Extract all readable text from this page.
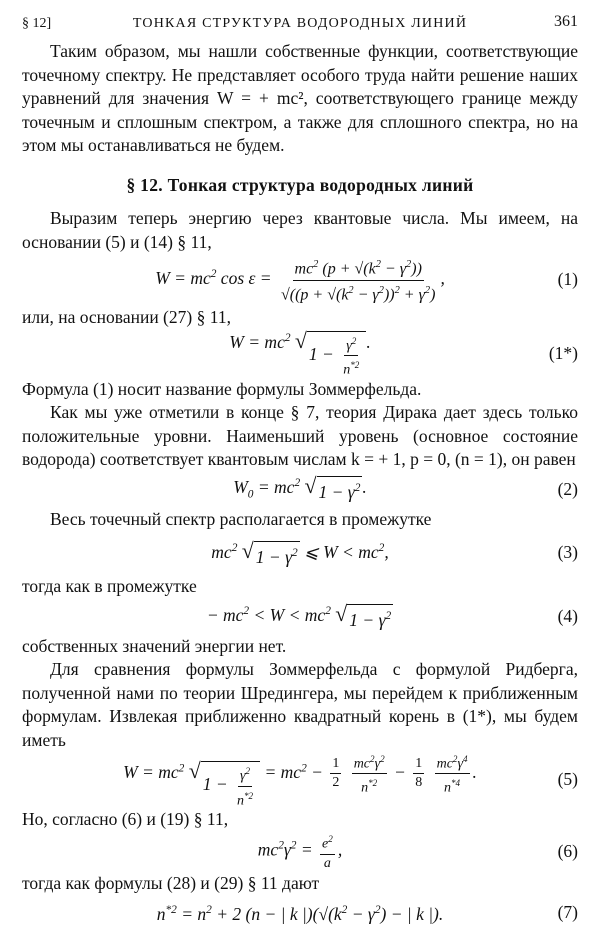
§ 12]	ТОНКАЯ СТРУКТУРА ВОДОРОДНЫХ ЛИНИЙ	361

Таким образом, мы нашли собственные функции, соответствующие точечному спектру. Не представляет особого труда найти решение наших уравнений для значения W = + mc², соответствующего границе между точечным и сплошным спектром, а также для сплошного спектра, но на этом мы останавливаться не будем.

§ 12. Тонкая структура водородных линий

Выразим теперь энергию через квантовые числа. Мы имеем, на основании (5) и (14) § 11,

$W = mc^2$ $\cos \varepsilon = \frac{mc^2 (p + √(k^2 - \gamma^2))}{√((p + √(k^2 - \gamma^2))^2 + \gamma^2)}$ ,	(1)

или, на основании (27) § 11,

$W = mc^2$ √
$1 - \frac{\gamma^2}{n^{*2}}$ .
(1*)

Формула (1) носит название формулы Зоммерфельда.

Как мы уже отметили в конце § 7, теория Дирака дает здесь только положительные уровни. Наименьший уровень (основное состояние водорода) соответствует квантовым числам k = + 1, p = 0, (n = 1), он равен

$W_0 = mc^2$ √ $1 - \gamma^2$ .	(2)

Весь точечный спектр располагается в промежутке

$mc^2$ √ $1 - \gamma^2$ ⩽ $W < mc^2$,	(3)

тогда как в промежутке

− $mc^2 < W < mc^2$ √ $1 - \gamma^2$	(4)

собственных значений энергии нет.

Для сравнения формулы Зоммерфельда с формулой Ридберга, полученной нами по теории Шредингера, мы перейдем к приближенным формулам. Извлекая приближенно квадратный корень в (1*), мы будем иметь

$W = mc^2$ √
$1 - \frac{\gamma^2}{n^{*2}} = mc^2 - \frac{1}{2}$
$\frac{mc^2\gamma^2}{n^{*2}} - \frac{1}{8}$
$\frac{mc^2\gamma^4}{n^{*4}}$ .	(5)

Но, согласно (6) и (19) § 11,

$mc^2\gamma^2 = \frac{e^2}{a}$ ,	(6)

тогда как формулы (28) и (29) § 11 дают

$n^{*2} = n^2 + 2$ (n − | k $|)(√(k^2 - \gamma^2)$ − | k |).	(7)
